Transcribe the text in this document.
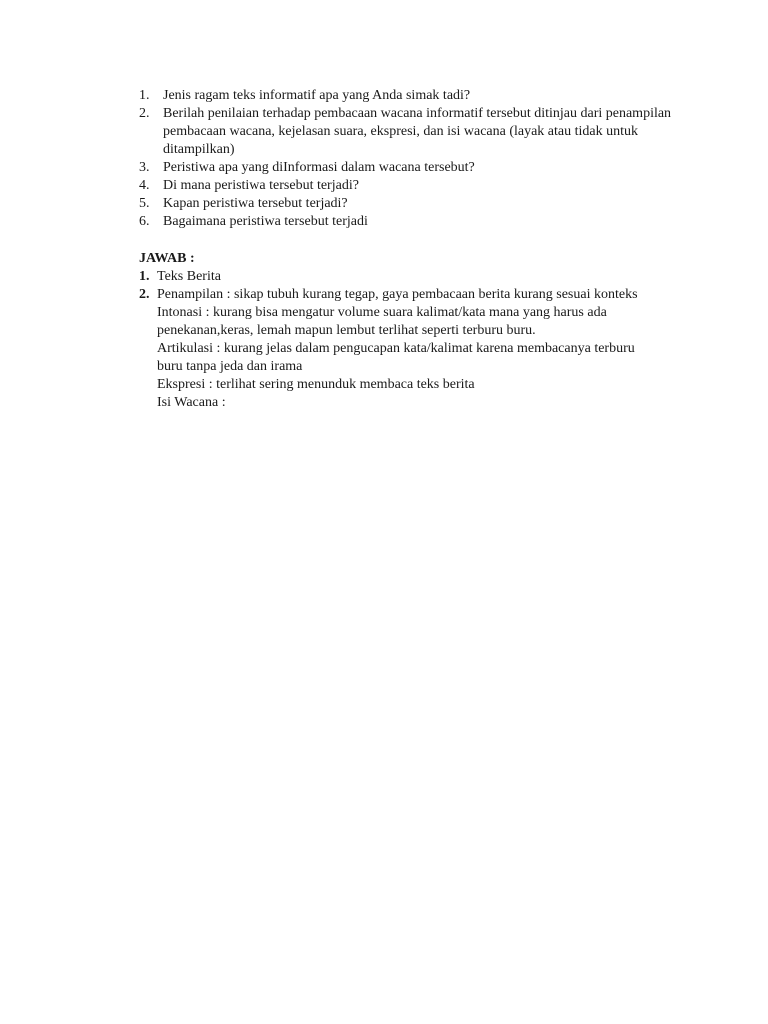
1. Jenis ragam teks informatif apa yang Anda simak tadi?
2. Berilah penilaian terhadap pembacaan wacana informatif tersebut ditinjau dari penampilan pembacaan wacana, kejelasan suara, ekspresi, dan isi wacana (layak atau tidak untuk ditampilkan)
3. Peristiwa apa yang diInformasi dalam wacana tersebut?
4. Di mana peristiwa tersebut terjadi?
5. Kapan peristiwa tersebut terjadi?
6. Bagaimana peristiwa tersebut terjadi
JAWAB :
1. Teks Berita
2. Penampilan : sikap tubuh kurang tegap, gaya pembacaan berita kurang sesuai konteks
Intonasi : kurang bisa mengatur volume suara kalimat/kata mana yang harus ada penekanan,keras, lemah mapun lembut terlihat seperti terburu buru.
Artikulasi : kurang jelas dalam pengucapan kata/kalimat karena membacanya terburu buru tanpa jeda dan irama
Ekspresi : terlihat sering menunduk membaca teks berita
Isi Wacana :
